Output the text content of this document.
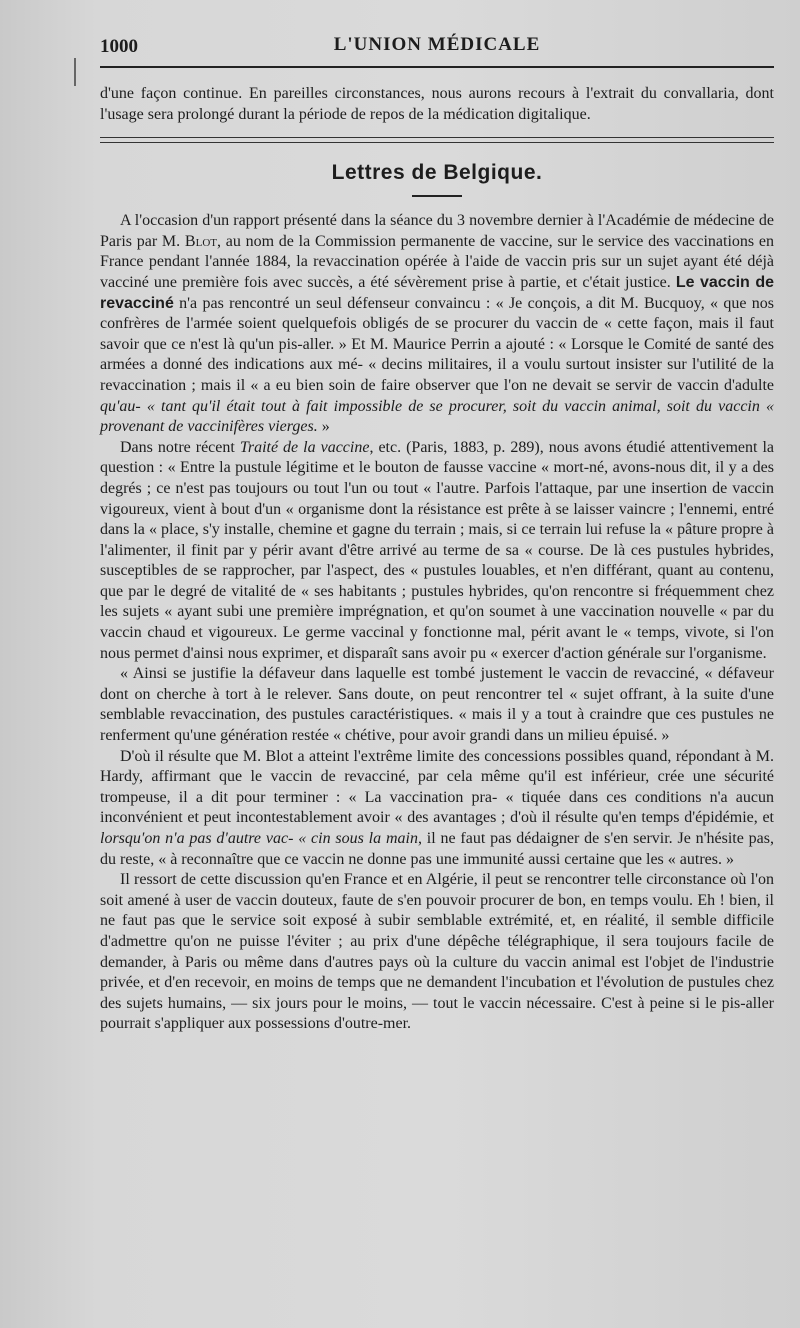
1000	L'UNION MÉDICALE

d'une façon continue. En pareilles circonstances, nous aurons recours à l'extrait du convallaria, dont l'usage sera prolongé durant la période de repos de la médication digitalique.

Lettres de Belgique.

A l'occasion d'un rapport présenté dans la séance du 3 novembre dernier à l'Académie de médecine de Paris par M. Blot, au nom de la Commission permanente de vaccine, sur le service des vaccinations en France pendant l'année 1884, la revaccination opérée à l'aide de vaccin pris sur un sujet ayant été déjà vacciné une première fois avec succès, a été sévèrement prise à partie, et c'était justice. Le vaccin de revacciné n'a pas rencontré un seul défenseur convaincu : « Je conçois, a dit M. Bucquoy, « que nos confrères de l'armée soient quelquefois obligés de se procurer du vaccin de « cette façon, mais il faut savoir que ce n'est là qu'un pis-aller. » Et M. Maurice Perrin a ajouté : « Lorsque le Comité de santé des armées a donné des indications aux mé- « decins militaires, il a voulu surtout insister sur l'utilité de la revaccination ; mais il « a eu bien soin de faire observer que l'on ne devait se servir de vaccin d'adulte qu'au- « tant qu'il était tout à fait impossible de se procurer, soit du vaccin animal, soit du vaccin « provenant de vaccinifères vierges. »

Dans notre récent Traité de la vaccine, etc. (Paris, 1883, p. 289), nous avons étudié attentivement la question : « Entre la pustule légitime et le bouton de fausse vaccine « mort-né, avons-nous dit, il y a des degrés ; ce n'est pas toujours ou tout l'un ou tout « l'autre. Parfois l'attaque, par une insertion de vaccin vigoureux, vient à bout d'un « organisme dont la résistance est prête à se laisser vaincre ; l'ennemi, entré dans la « place, s'y installe, chemine et gagne du terrain ; mais, si ce terrain lui refuse la « pâture propre à l'alimenter, il finit par y périr avant d'être arrivé au terme de sa « course. De là ces pustules hybrides, susceptibles de se rapprocher, par l'aspect, des « pustules louables, et n'en différant, quant au contenu, que par le degré de vitalité de « ses habitants ; pustules hybrides, qu'on rencontre si fréquemment chez les sujets « ayant subi une première imprégnation, et qu'on soumet à une vaccination nouvelle « par du vaccin chaud et vigoureux. Le germe vaccinal y fonctionne mal, périt avant le « temps, vivote, si l'on nous permet d'ainsi nous exprimer, et disparaît sans avoir pu « exercer d'action générale sur l'organisme.

« Ainsi se justifie la défaveur dans laquelle est tombé justement le vaccin de revacciné, « défaveur dont on cherche à tort à le relever. Sans doute, on peut rencontrer tel « sujet offrant, à la suite d'une semblable revaccination, des pustules caractéristiques. « mais il y a tout à craindre que ces pustules ne renferment qu'une génération restée « chétive, pour avoir grandi dans un milieu épuisé. »

D'où il résulte que M. Blot a atteint l'extrême limite des concessions possibles quand, répondant à M. Hardy, affirmant que le vaccin de revacciné, par cela même qu'il est inférieur, crée une sécurité trompeuse, il a dit pour terminer : « La vaccination pra- « tiquée dans ces conditions n'a aucun inconvénient et peut incontestablement avoir « des avantages ; d'où il résulte qu'en temps d'épidémie, et lorsqu'on n'a pas d'autre vac- « cin sous la main, il ne faut pas dédaigner de s'en servir. Je n'hésite pas, du reste, « à reconnaître que ce vaccin ne donne pas une immunité aussi certaine que les « autres. »

Il ressort de cette discussion qu'en France et en Algérie, il peut se rencontrer telle circonstance où l'on soit amené à user de vaccin douteux, faute de s'en pouvoir procurer de bon, en temps voulu. Eh ! bien, il ne faut pas que le service soit exposé à subir semblable extrémité, et, en réalité, il semble difficile d'admettre qu'on ne puisse l'éviter ; au prix d'une dépêche télégraphique, il sera toujours facile de demander, à Paris ou même dans d'autres pays où la culture du vaccin animal est l'objet de l'industrie privée, et d'en recevoir, en moins de temps que ne demandent l'incubation et l'évolution de pustules chez des sujets humains, — six jours pour le moins, — tout le vaccin nécessaire. C'est à peine si le pis-aller pourrait s'appliquer aux possessions d'outre-mer.
